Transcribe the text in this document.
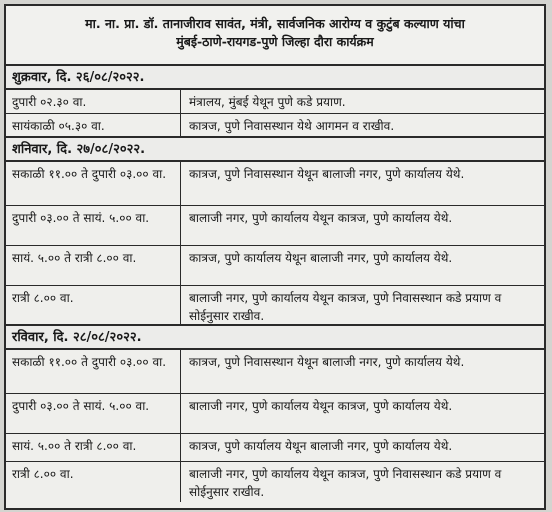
मा. ना. प्रा. डॉ. तानाजीराव सावंत, मंत्री, सार्वजनिक आरोग्य व कुटुंब कल्याण यांचा
मुंबई-ठाणे-रायगड-पुणे जिल्हा दौरा कार्यक्रम
शुक्रवार, दि. २६/०८/२०२२.
दुपारी ०२.३० वा.	मंत्रालय, मुंबई येथून पुणे कडे प्रयाण.
सायंकाळी ०५.३० वा.	कात्रज, पुणे निवासस्थान येथे आगमन व राखीव.
शनिवार, दि. २७/०८/२०२२.
सकाळी ११.०० ते दुपारी ०३.०० वा.	कात्रज, पुणे निवासस्थान येथून बालाजी नगर, पुणे कार्यालय येथे.
दुपारी ०३.०० ते सायं. ५.०० वा.	बालाजी नगर, पुणे कार्यालय येथून कात्रज, पुणे कार्यालय येथे.
सायं. ५.०० ते रात्री ८.०० वा.	कात्रज, पुणे कार्यालय येथून बालाजी नगर, पुणे कार्यालय येथे.
रात्री ८.०० वा.	बालाजी नगर, पुणे कार्यालय येथून कात्रज, पुणे निवासस्थान कडे प्रयाण व सोईनुसार राखीव.
रविवार, दि. २८/०८/२०२२.
सकाळी ११.०० ते दुपारी ०३.०० वा.	कात्रज, पुणे निवासस्थान येथून बालाजी नगर, पुणे कार्यालय येथे.
दुपारी ०३.०० ते सायं. ५.०० वा.	बालाजी नगर, पुणे कार्यालय येथून कात्रज, पुणे कार्यालय येथे.
सायं. ५.०० ते रात्री ८.०० वा.	कात्रज, पुणे कार्यालय येथून बालाजी नगर, पुणे कार्यालय येथे.
रात्री ८.०० वा.	बालाजी नगर, पुणे कार्यालय येथून कात्रज, पुणे निवासस्थान कडे प्रयाण व सोईनुसार राखीव.
